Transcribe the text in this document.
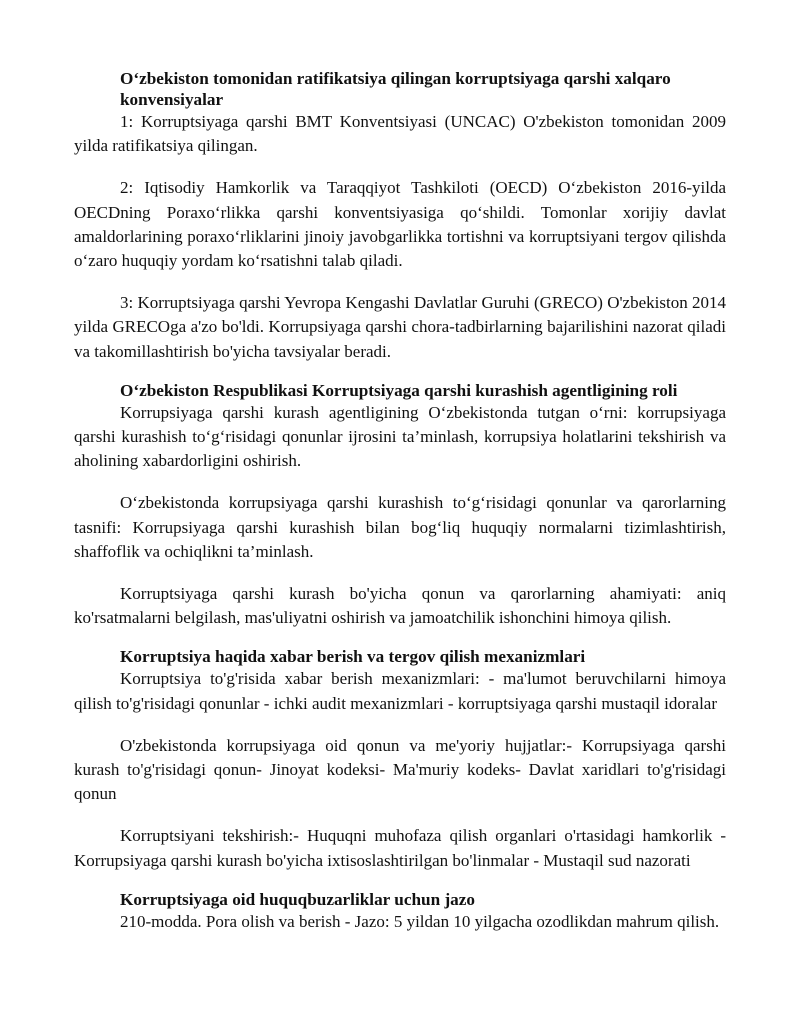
O‘zbekiston tomonidan ratifikatsiya qilingan korruptsiyaga qarshi xalqaro konvensiyalar

1: Korruptsiyaga qarshi BMT Konventsiyasi (UNCAC) O'zbekiston tomonidan 2009 yilda ratifikatsiya qilingan.

2: Iqtisodiy Hamkorlik va Taraqqiyot Tashkiloti (OECD) O‘zbekiston 2016-yilda OECDning Poraxo‘rlikka qarshi konventsiyasiga qo‘shildi. Tomonlar xorijiy davlat amaldorlarining poraxo‘rliklarini jinoiy javobgarlikka tortishni va korruptsiyani tergov qilishda o‘zaro huquqiy yordam ko‘rsatishni talab qiladi.

3: Korruptsiyaga qarshi Yevropa Kengashi Davlatlar Guruhi (GRECO) O'zbekiston 2014 yilda GRECOga a'zo bo'ldi. Korrupsiyaga qarshi chora-tadbirlarning bajarilishini nazorat qiladi va takomillashtirish bo'yicha tavsiyalar beradi.

O‘zbekiston Respublikasi Korruptsiyaga qarshi kurashish agentligining roli

Korrupsiyaga qarshi kurash agentligining O‘zbekistonda tutgan o‘rni: korrupsiyaga qarshi kurashish to‘g‘risidagi qonunlar ijrosini ta’minlash, korrupsiya holatlarini tekshirish va aholining xabardorligini oshirish.

O‘zbekistonda korrupsiyaga qarshi kurashish to‘g‘risidagi qonunlar va qarorlarning tasnifi: Korrupsiyaga qarshi kurashish bilan bog‘liq huquqiy normalarni tizimlashtirish, shaffoflik va ochiqlikni ta’minlash.

Korruptsiyaga qarshi kurash bo'yicha qonun va qarorlarning ahamiyati: aniq ko'rsatmalarni belgilash, mas'uliyatni oshirish va jamoatchilik ishonchini himoya qilish.

Korruptsiya haqida xabar berish va tergov qilish mexanizmlari

Korruptsiya to'g'risida xabar berish mexanizmlari: - ma'lumot beruvchilarni himoya qilish to'g'risidagi qonunlar - ichki audit mexanizmlari - korruptsiyaga qarshi mustaqil idoralar

O'zbekistonda korrupsiyaga oid qonun va me'yoriy hujjatlar:- Korrupsiyaga qarshi kurash to'g'risidagi qonun- Jinoyat kodeksi- Ma'muriy kodeks- Davlat xaridlari to'g'risidagi qonun

Korruptsiyani tekshirish:- Huquqni muhofaza qilish organlari o'rtasidagi hamkorlik - Korrupsiyaga qarshi kurash bo'yicha ixtisoslashtirilgan bo'linmalar - Mustaqil sud nazorati

Korruptsiyaga oid huquqbuzarliklar uchun jazo

210-modda. Pora olish va berish - Jazo: 5 yildan 10 yilgacha ozodlikdan mahrum qilish.
